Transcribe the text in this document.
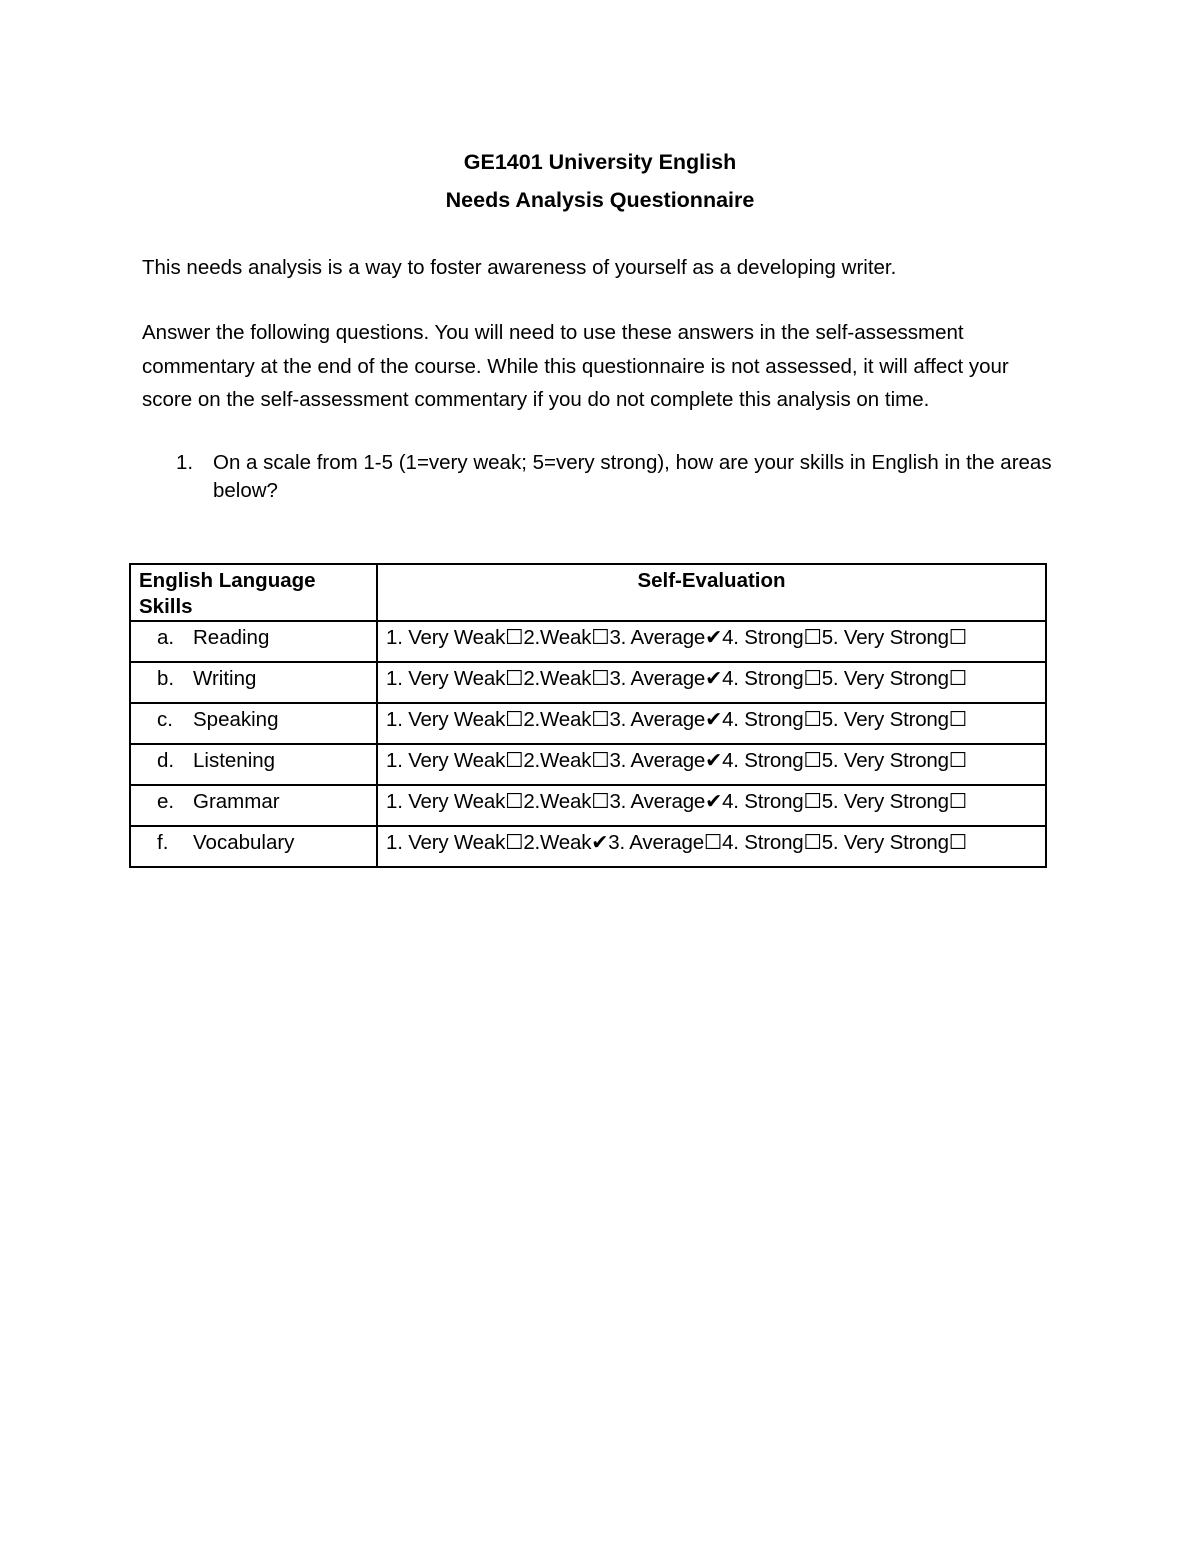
GE1401 University English
Needs Analysis Questionnaire
This needs analysis is a way to foster awareness of yourself as a developing writer.
Answer the following questions. You will need to use these answers in the self-assessment commentary at the end of the course. While this questionnaire is not assessed, it will affect your score on the self-assessment commentary if you do not complete this analysis on time.
1. On a scale from 1-5 (1=very weak; 5=very strong), how are your skills in English in the areas below?
English Language Skills	Self-Evaluation
a. Reading	1. Very Weak☐2.Weak☐3. Average✔4. Strong☐5. Very Strong☐
b. Writing	1. Very Weak☐2.Weak☐3. Average✔4. Strong☐5. Very Strong☐
c. Speaking	1. Very Weak☐2.Weak☐3. Average✔4. Strong☐5. Very Strong☐
d. Listening	1. Very Weak☐2.Weak☐3. Average✔4. Strong☐5. Very Strong☐
e. Grammar	1. Very Weak☐2.Weak☐3. Average✔4. Strong☐5. Very Strong☐
f. Vocabulary	1. Very Weak☐2.Weak✔3. Average☐4. Strong☐5. Very Strong☐
